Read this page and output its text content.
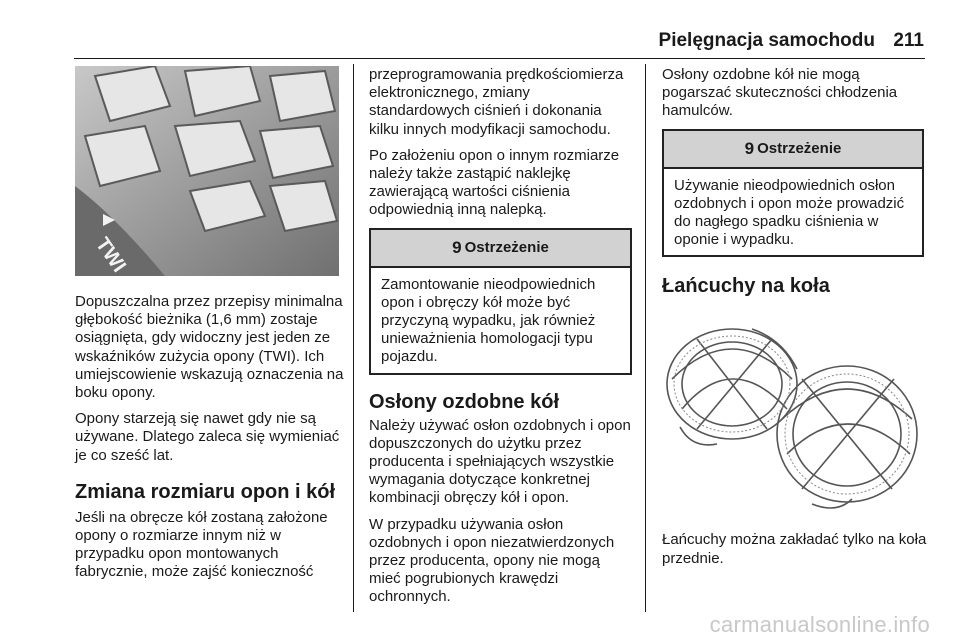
Pielęgnacja samochodu 211
TWI

Dopuszczalna przez przepisy minimalna głębokość bieżnika (1,6 mm) zostaje osiągnięta, gdy widoczny jest jeden ze wskaźników zużycia opony (TWI). Ich umiejscowienie wskazują oznaczenia na boku opony.

Opony starzeją się nawet gdy nie są używane. Dlatego zaleca się wymieniać je co sześć lat.

Zmiana rozmiaru opon i kół

Jeśli na obręcze kół zostaną założone opony o rozmiarze innym niż w przypadku opon montowanych fabrycznie, może zajść konieczność

przeprogramowania prędkościomierza elektronicznego, zmiany standardowych ciśnień i dokonania kilku innych modyfikacji samochodu.

Po założeniu opon o innym rozmiarze należy także zastąpić naklejkę zawierającą wartości ciśnienia odpowiednią inną nalepką.

9 Ostrzeżenie
Zamontowanie nieodpowiednich opon i obręczy kół może być przyczyną wypadku, jak również unieważnienia homologacji typu pojazdu.
Osłony ozdobne kół

Należy używać osłon ozdobnych i opon dopuszczonych do użytku przez producenta i spełniających wszystkie wymagania dotyczące konkretnej kombinacji obręczy kół i opon.

W przypadku używania osłon ozdobnych i opon niezatwierdzonych przez producenta, opony nie mogą mieć pogrubionych krawędzi ochronnych.

Osłony ozdobne kół nie mogą pogarszać skuteczności chłodzenia hamulców.

9 Ostrzeżenie
Używanie nieodpowiednich osłon ozdobnych i opon może prowadzić do nagłego spadku ciśnienia w oponie i wypadku.
Łańcuchy na koła

Łańcuchy można zakładać tylko na koła przednie.

carmanualsonline.info
